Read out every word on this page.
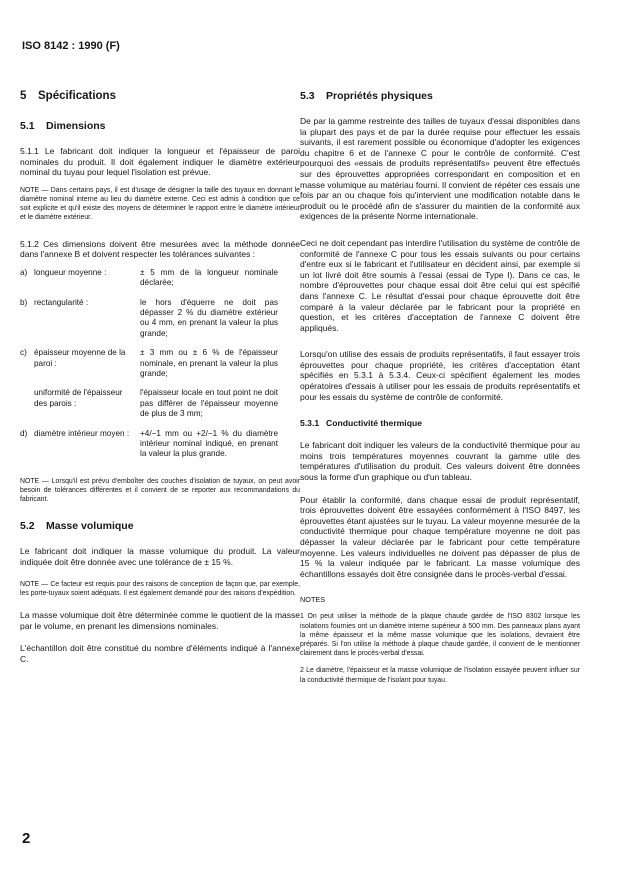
ISO 8142 : 1990 (F)
5 Spécifications
5.1 Dimensions

5.1.1 Le fabricant doit indiquer la longueur et l'épaisseur de paroi nominales du produit. Il doit également indiquer le diamètre extérieur nominal du tuyau pour lequel l'isolation est prévue.

NOTE — Dans certains pays, il est d'usage de désigner la taille des tuyaux en donnant le diamètre nominal interne au lieu du diamètre externe. Ceci est admis à condition que ce soit explicite et qu'il existe des moyens de déterminer le rapport entre le diamètre intérieur et le diamètre extérieur.

5.1.2 Ces dimensions doivent être mesurées avec la méthode donnée dans l'annexe B et doivent respecter les tolérances suivantes :

a) longueur moyenne :	± 5 mm de la longueur nominale déclarée;
b) rectangularité :	le hors d'équerre ne doit pas dépasser 2 % du diamètre extérieur ou 4 mm, en prenant la valeur la plus grande;
c) épaisseur moyenne de la paroi :
± 3 mm ou ± 6 % de l'épaisseur nominale, en prenant la valeur la plus grande;
uniformité de l'épaisseur des parois :
l'épaisseur locale en tout point ne doit pas différer de l'épaisseur moyenne de plus de 3 mm;
d) diamètre intérieur moyen :	+4/−1 mm ou +2/−1 % du diamètre intérieur nominal indiqué, en prenant la valeur la plus grande.

NOTE — Lorsqu'il est prévu d'emboîter des couches d'isolation de tuyaux, on peut avoir besoin de tolérances différentes et il convient de se reporter aux recommandations du fabricant.

5.2 Masse volumique

Le fabricant doit indiquer la masse volumique du produit. La valeur indiquée doit être donnée avec une tolérance de ± 15 %.

NOTE — Ce facteur est requis pour des raisons de conception de façon que, par exemple, les porte-tuyaux soient adéquats. Il est également demandé pour des raisons d'expédition.

La masse volumique doit être déterminée comme le quotient de la masse par le volume, en prenant les dimensions nominales.

L'échantillon doit être constitué du nombre d'éléments indiqué à l'annexe C.

5.3 Propriétés physiques

De par la gamme restreinte des tailles de tuyaux d'essai disponibles dans la plupart des pays et de par la durée requise pour effectuer les essais suivants, il est rarement possible ou économique d'adopter les exigences du chapitre 6 et de l'annexe C pour le contrôle de conformité. C'est pourquoi des «essais de produits représentatifs» peuvent être effectués sur des éprouvettes appropriées correspondant en composition et en masse volumique au matériau fourni. Il convient de répéter ces essais une fois par an ou chaque fois qu'intervient une modification notable dans le produit ou le procédé afin de s'assurer du maintien de la conformité aux exigences de la présente Norme internationale.

Ceci ne doit cependant pas interdire l'utilisation du système de contrôle de conformité de l'annexe C pour tous les essais suivants ou pour certains d'entre eux si le fabricant et l'utilisateur en décident ainsi, par exemple si un lot livré doit être soumis à l'essai (essai de Type I). Dans ce cas, le nombre d'éprouvettes pour chaque essai doit être celui qui est spécifié dans l'annexe C. Le résultat d'essai pour chaque éprouvette doit être comparé à la valeur déclarée par le fabricant pour la propriété en question, et les critères d'acceptation de l'annexe C doivent être appliqués.

Lorsqu'on utilise des essais de produits représentatifs, il faut essayer trois éprouvettes pour chaque propriété, les critères d'acceptation étant spécifiés en 5.3.1 à 5.3.4. Ceux-ci spécifient également les modes opératoires d'essais à utiliser pour les essais de produits représentatifs et pour les essais du système de contrôle de conformité.

5.3.1 Conductivité thermique

Le fabricant doit indiquer les valeurs de la conductivité thermique pour au moins trois températures moyennes couvrant la gamme utile des températures d'utilisation du produit. Ces valeurs doivent être données sous la forme d'un graphique ou d'un tableau.

Pour établir la conformité, dans chaque essai de produit représentatif, trois éprouvettes doivent être essayées conformément à l'ISO 8497, les éprouvettes étant ajustées sur le tuyau. La valeur moyenne mesurée de la conductivité thermique pour chaque température moyenne ne doit pas dépasser la valeur déclarée par le fabricant pour cette température moyenne. Les valeurs individuelles ne doivent pas dépasser de plus de 15 % la valeur indiquée par le fabricant. La masse volumique des échantillons essayés doit être consignée dans le procès-verbal d'essai.

NOTES

1 On peut utiliser la méthode de la plaque chaude gardée de l'ISO 8302 lorsque les isolations fournies ont un diamètre interne supérieur à 500 mm. Des panneaux plans ayant la même épaisseur et la même masse volumique que les isolations, devraient être préparés. Si l'on utilise la méthode à plaque chaude gardée, il convient de le mentionner clairement dans le procès-verbal d'essai.

2 Le diamètre, l'épaisseur et la masse volumique de l'isolation essayée peuvent influer sur la conductivité thermique de l'isolant pour tuyau.

2
